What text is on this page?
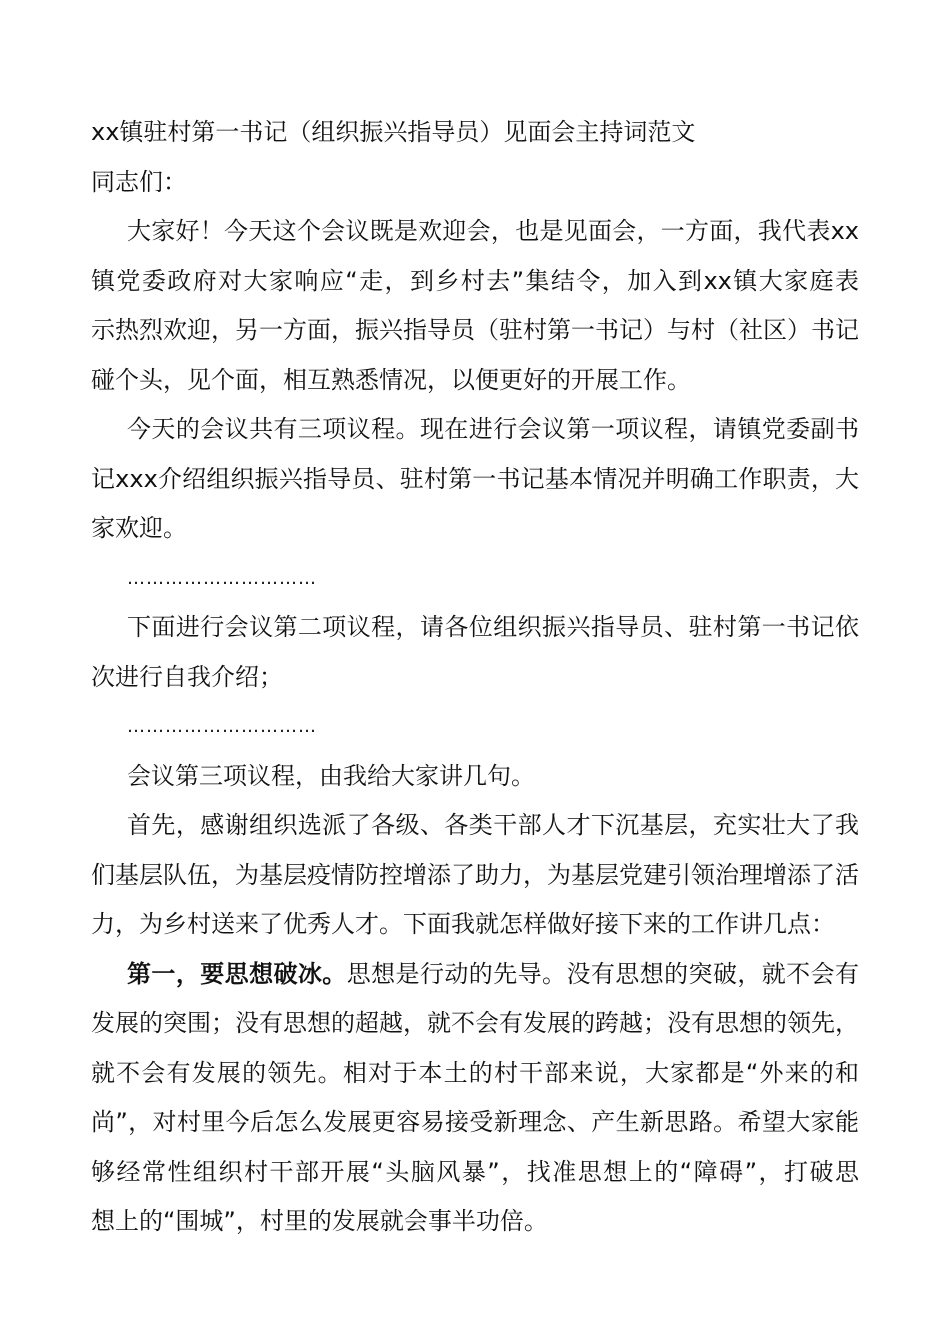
xx镇驻村第一书记（组织振兴指导员）见面会主持词范文
同志们：
大家好！今天这个会议既是欢迎会，也是见面会，一方面，我代表xx
镇党委政府对大家响应“走，到乡村去”集结令，加入到xx镇大家庭表
示热烈欢迎，另一方面，振兴指导员（驻村第一书记）与村（社区）书记
碰个头，见个面，相互熟悉情况，以便更好的开展工作。
今天的会议共有三项议程。现在进行会议第一项议程，请镇党委副书
记xxx介绍组织振兴指导员、驻村第一书记基本情况并明确工作职责，大
家欢迎。
…………………………
下面进行会议第二项议程，请各位组织振兴指导员、驻村第一书记依
次进行自我介绍；
…………………………
会议第三项议程，由我给大家讲几句。
首先，感谢组织选派了各级、各类干部人才下沉基层，充实壮大了我
们基层队伍，为基层疫情防控增添了助力，为基层党建引领治理增添了活
力，为乡村送来了优秀人才。下面我就怎样做好接下来的工作讲几点：
第一，要思想破冰。思想是行动的先导。没有思想的突破，就不会有
发展的突围；没有思想的超越，就不会有发展的跨越；没有思想的领先，
就不会有发展的领先。相对于本土的村干部来说，大家都是“外来的和
尚”，对村里今后怎么发展更容易接受新理念、产生新思路。希望大家能
够经常性组织村干部开展“头脑风暴”，找准思想上的“障碍”，打破思
想上的“围城”，村里的发展就会事半功倍。
